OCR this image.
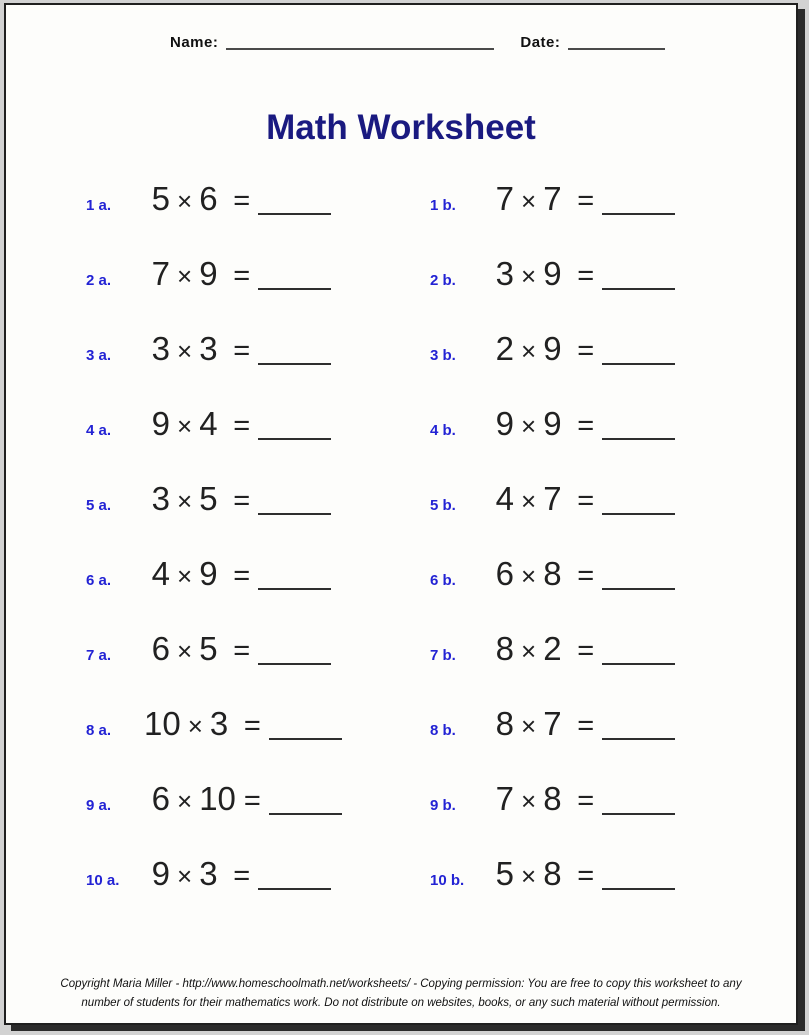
Name:	Date:
Math Worksheet
1 a. 5 × 6 =	1 b. 7 × 7 =
2 a. 7 × 9 =	2 b. 3 × 9 =
3 a. 3 × 3 =	3 b. 2 × 9 =
4 a. 9 × 4 =	4 b. 9 × 9 =
5 a. 3 × 5 =	5 b. 4 × 7 =
6 a. 4 × 9 =	6 b. 6 × 8 =
7 a. 6 × 5 =	7 b. 8 × 2 =
8 a. 10 × 3 =	8 b. 8 × 7 =
9 a. 6 × 10 =	9 b. 7 × 8 =
10 a. 9 × 3 =	10 b. 5 × 8 =
Copyright Maria Miller - http://www.homeschoolmath.net/worksheets/ - Copying permission: You are free to copy this worksheet to any
number of students for their mathematics work. Do not distribute on websites, books, or any such material without permission.
